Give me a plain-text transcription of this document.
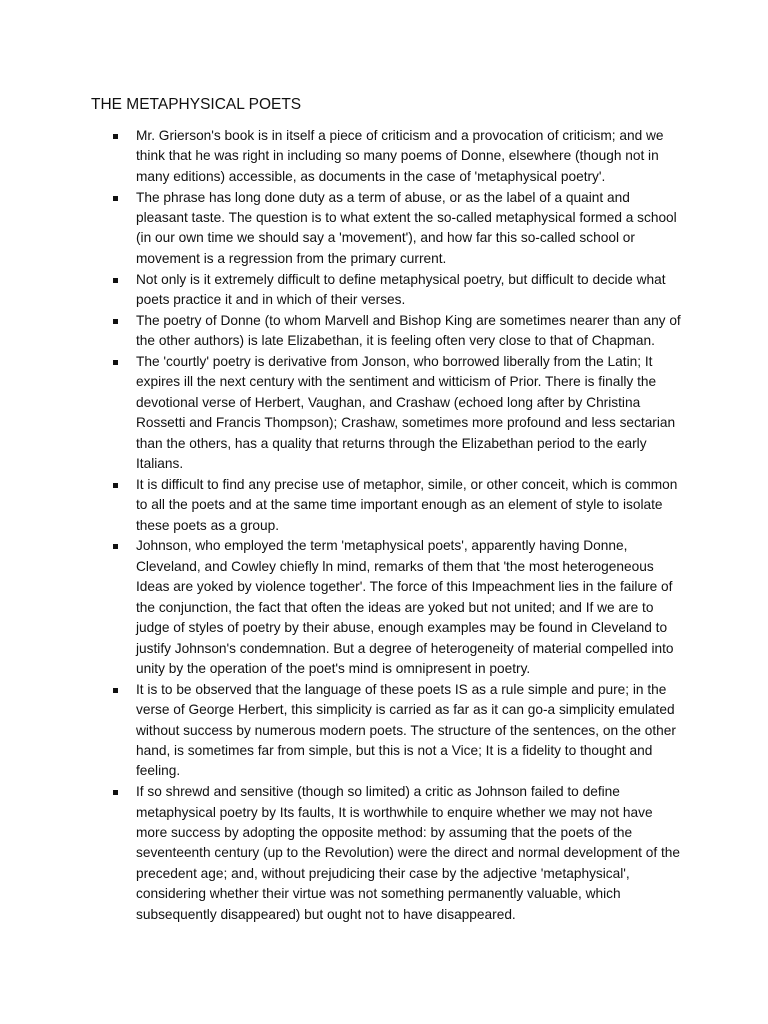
THE METAPHYSICAL POETS
Mr. Grierson's book is in itself a piece of criticism and a provocation of criticism; and we think that he was right in including so many poems of Donne, elsewhere (though not in many editions) accessible, as documents in the case of 'metaphysical poetry'.
The phrase has long done duty as a term of abuse, or as the label of a quaint and pleasant taste. The question is to what extent the so-called metaphysical formed a school (in our own time we should say a 'movement'), and how far this so-called school or movement is a regression from the primary current.
Not only is it extremely difficult to define metaphysical poetry, but difficult to decide what poets practice it and in which of their verses.
The poetry of Donne (to whom Marvell and Bishop King are sometimes nearer than any of the other authors) is late Elizabethan, it is feeling often very close to that of Chapman.
The 'courtly' poetry is derivative from Jonson, who borrowed liberally from the Latin; It expires ill the next century with the sentiment and witticism of Prior. There is finally the devotional verse of Herbert, Vaughan, and Crashaw (echoed long after by Christina Rossetti and Francis Thompson); Crashaw, sometimes more profound and less sectarian than the others, has a quality that returns through the Elizabethan period to the early Italians.
It is difficult to find any precise use of metaphor, simile, or other conceit, which is common to all the poets and at the same time important enough as an element of style to isolate these poets as a group.
Johnson, who employed the term 'metaphysical poets', apparently having Donne, Cleveland, and Cowley chiefly ln mind, remarks of them that 'the most heterogeneous Ideas are yoked by violence together'. The force of this Impeachment lies in the failure of the conjunction, the fact that often the ideas are yoked but not united; and If we are to judge of styles of poetry by their abuse, enough examples may be found in Cleveland to justify Johnson's condemnation. But a degree of heterogeneity of material compelled into unity by the operation of the poet's mind is omnipresent in poetry.
It is to be observed that the language of these poets IS as a rule simple and pure; in the verse of George Herbert, this simplicity is carried as far as it can go-a simplicity emulated without success by numerous modern poets. The structure of the sentences, on the other hand, is sometimes far from simple, but this is not a Vice; It is a fidelity to thought and feeling.
If so shrewd and sensitive (though so limited) a critic as Johnson failed to define metaphysical poetry by Its faults, It is worthwhile to enquire whether we may not have more success by adopting the opposite method: by assuming that the poets of the seventeenth century (up to the Revolution) were the direct and normal development of the precedent age; and, without prejudicing their case by the adjective 'metaphysical', considering whether their virtue was not something permanently valuable, which subsequently disappeared) but ought not to have disappeared.
